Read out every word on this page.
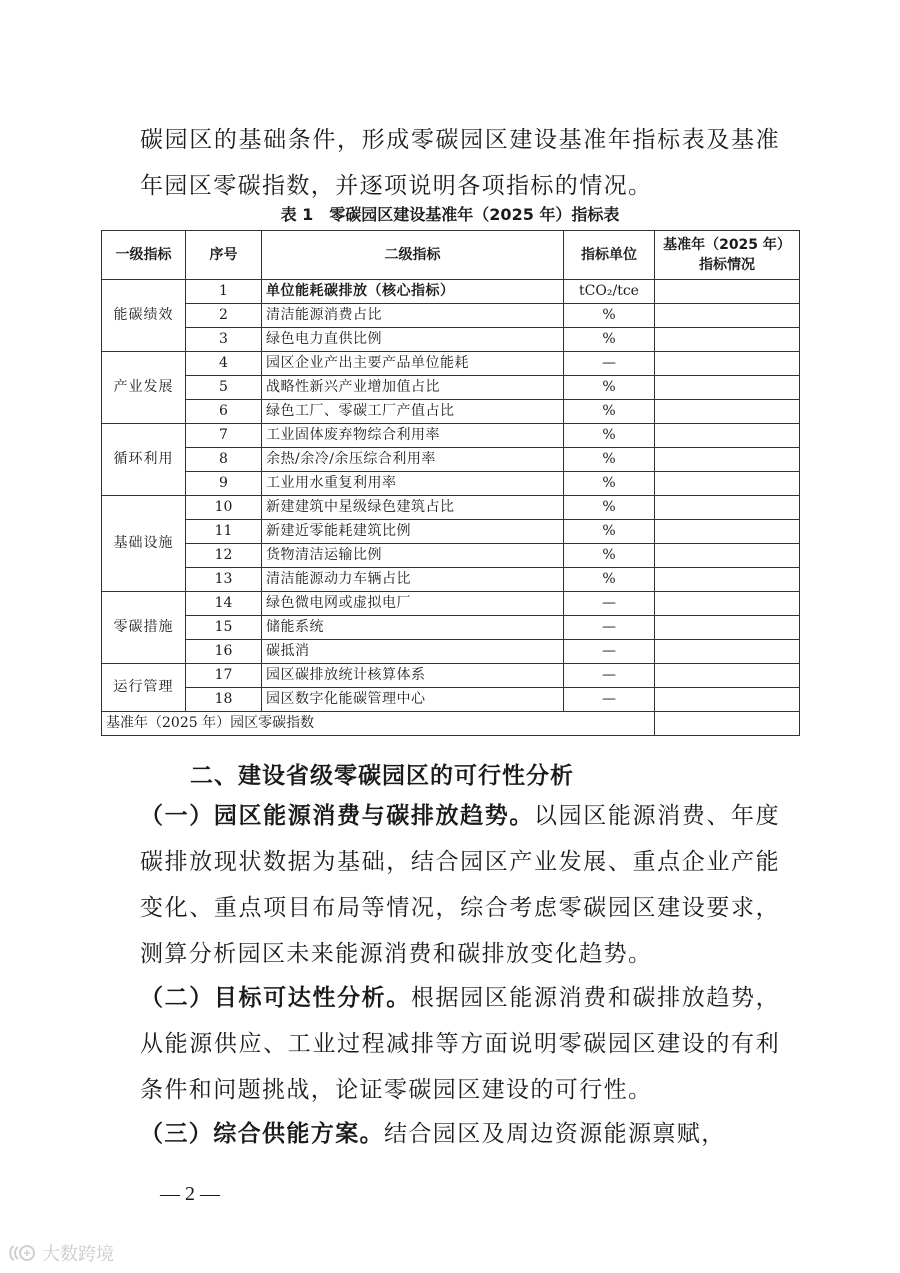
碳园区的基础条件，形成零碳园区建设基准年指标表及基准年园区零碳指数，并逐项说明各项指标的情况。

表 1　零碳园区建设基准年（2025 年）指标表
一级指标	序号	二级指标	指标单位	基准年（2025 年）指标情况
能碳绩效	1	单位能耗碳排放（核心指标）	tCO₂/tce	
	2	清洁能源消费占比	%	
	3	绿色电力直供比例	%	
产业发展	4	园区企业产出主要产品单位能耗	—	
	5	战略性新兴产业增加值占比	%	
	6	绿色工厂、零碳工厂产值占比	%	
循环利用	7	工业固体废弃物综合利用率	%	
	8	余热/余冷/余压综合利用率	%	
	9	工业用水重复利用率	%	
基础设施	10	新建建筑中星级绿色建筑占比	%	
	11	新建近零能耗建筑比例	%	
	12	货物清洁运输比例	%	
	13	清洁能源动力车辆占比	%	
零碳措施	14	绿色微电网或虚拟电厂	—	
	15	储能系统	—	
	16	碳抵消	—	
运行管理	17	园区碳排放统计核算体系	—	
	18	园区数字化能碳管理中心	—	
基准年（2025 年）园区零碳指数				
二、建设省级零碳园区的可行性分析

（一）园区能源消费与碳排放趋势。以园区能源消费、年度碳排放现状数据为基础，结合园区产业发展、重点企业产能变化、重点项目布局等情况，综合考虑零碳园区建设要求，测算分析园区未来能源消费和碳排放变化趋势。

（二）目标可达性分析。根据园区能源消费和碳排放趋势，从能源供应、工业过程减排等方面说明零碳园区建设的有利条件和问题挑战，论证零碳园区建设的可行性。

（三）综合供能方案。结合园区及周边资源能源禀赋，

— 2 —
大数跨境
